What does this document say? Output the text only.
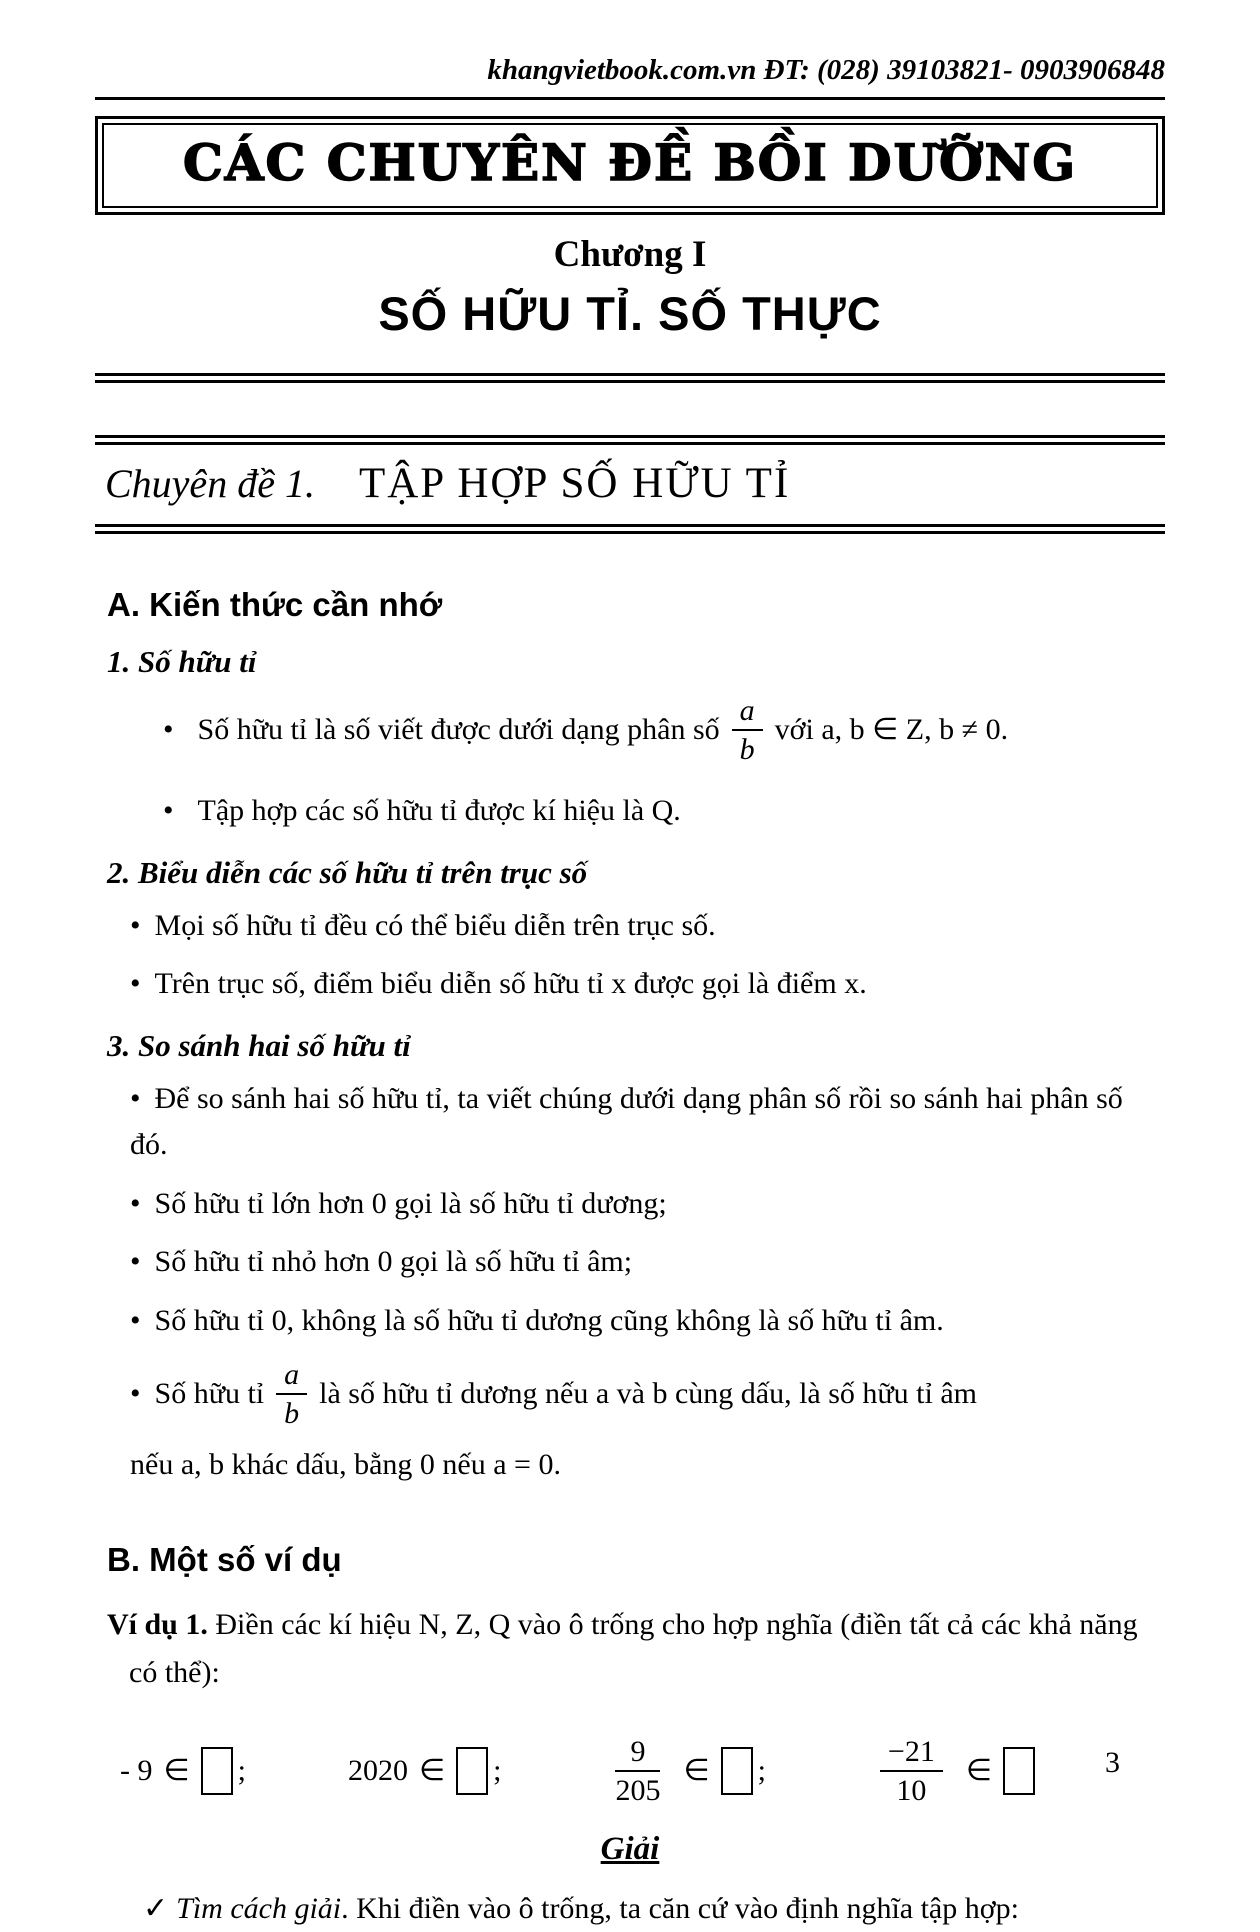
khangvietbook.com.vn ĐT: (028) 39103821- 0903906848
CÁC CHUYÊN ĐỀ BỒI DƯỠNG
Chương I
SỐ HỮU TỈ. SỐ THỰC
Chuyên đề 1. TẬP HỢP SỐ HỮU TỈ
A. Kiến thức cần nhớ
1. Số hữu tỉ
• Số hữu tỉ là số viết được dưới dạng phân số $\frac{a}{b}$ với a, b ∈ Z, b ≠ 0.
• Tập hợp các số hữu tỉ được kí hiệu là Q.
2. Biểu diễn các số hữu tỉ trên trục số
• Mọi số hữu tỉ đều có thể biểu diễn trên trục số.
• Trên trục số, điểm biểu diễn số hữu tỉ x được gọi là điểm x.
3. So sánh hai số hữu tỉ
• Để so sánh hai số hữu tỉ, ta viết chúng dưới dạng phân số rồi so sánh hai phân số đó.
• Số hữu tỉ lớn hơn 0 gọi là số hữu tỉ dương;
• Số hữu tỉ nhỏ hơn 0 gọi là số hữu tỉ âm;
• Số hữu tỉ 0, không là số hữu tỉ dương cũng không là số hữu tỉ âm.
• Số hữu tỉ $\frac{a}{b}$ là số hữu tỉ dương nếu a và b cùng dấu, là số hữu tỉ âm
nếu a, b khác dấu, bằng 0 nếu a = 0.
B. Một số ví dụ
Ví dụ 1. Điền các kí hiệu N, Z, Q vào ô trống cho hợp nghĩa (điền tất cả các khả năng có thể):
- 9 ∈ ;	2020 ∈ ;	$\frac{9}{205}$ ∈ ;	$\frac{-21}{10}$ ∈
Giải
✓ Tìm cách giải. Khi điền vào ô trống, ta căn cứ vào định nghĩa tập hợp:
3
